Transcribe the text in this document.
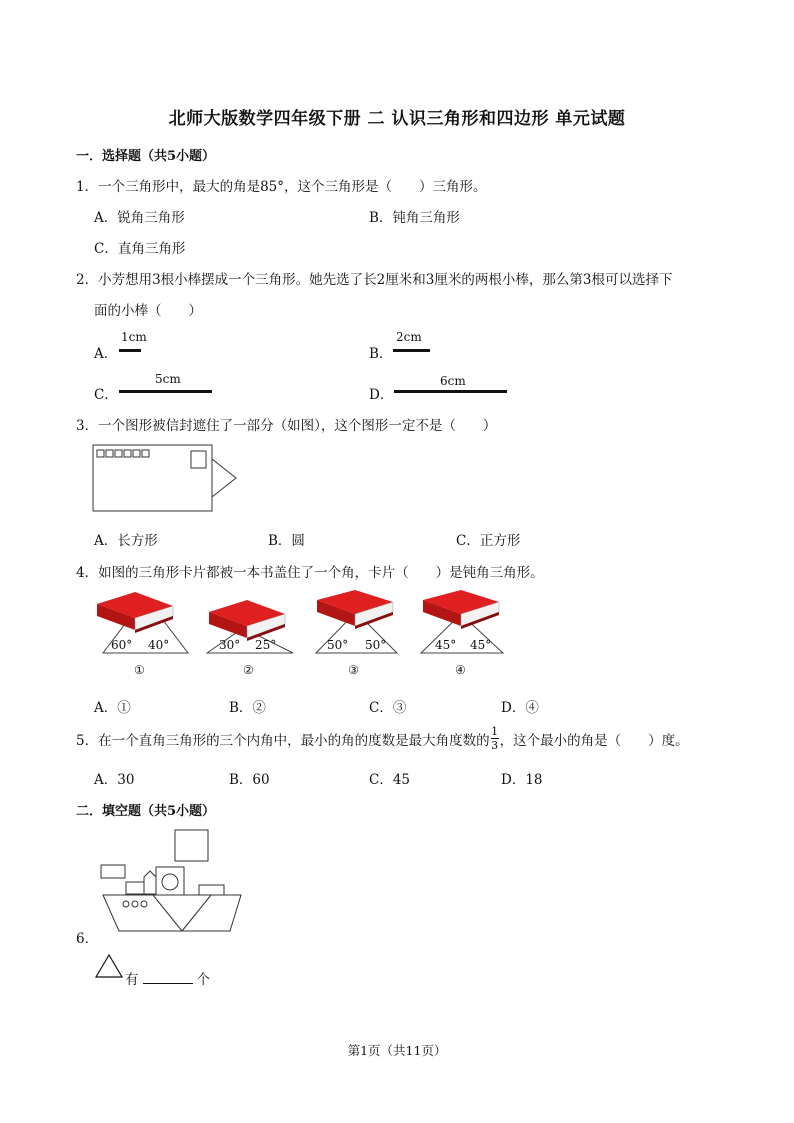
北师大版数学四年级下册 二 认识三角形和四边形 单元试题
一．选择题（共5小题）
1．一个三角形中，最大的角是85°，这个三角形是（　　）三角形。
A．锐角三角形	B．钝角三角形
C．直角三角形
2．小芳想用3根小棒摆成一个三角形。她先选了长2厘米和3厘米的两根小棒，那么第3根可以选择下
面的小棒（　　）
A．
1cm
B．
2cm
C．
5cm
D．
6cm
3．一个图形被信封遮住了一部分（如图），这个图形一定不是（　　）
A．长方形	B．圆	C．正方形
4．如图的三角形卡片都被一本书盖住了一个角，卡片（　　）是钝角三角形。
60° 40°
①
30° 25°
②
50° 50°
③
45° 45°
④
A．①	B．②	C．③	D．④
5．在一个直角三角形的三个内角中，最小的角的度数是最大角度数的 $\frac{1}{3}$ ，这个最小的角是（　　）度。
A．30	B．60	C．45	D．18
二．填空题（共5小题）
6．
有	个
第1页（共11页）
